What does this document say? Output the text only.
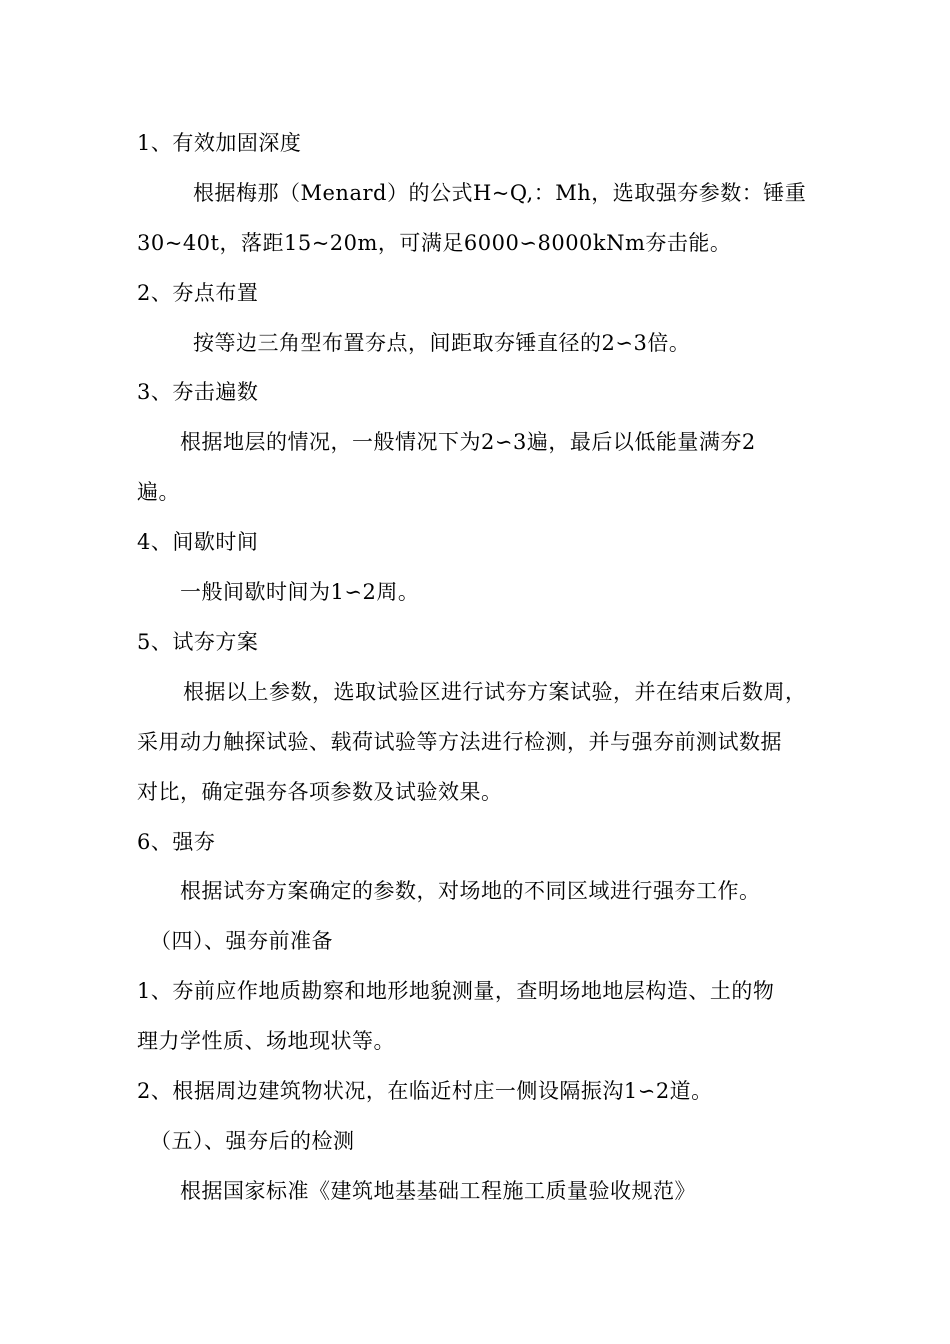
1、有效加固深度
根据梅那（Menard）的公式H~Q,：Mh，选取强夯参数：锤重
30~40t，落距15~20m，可满足6000∽8000kNm夯击能。
2、夯点布置
按等边三角型布置夯点，间距取夯锤直径的2∽3倍。
3、夯击遍数
根据地层的情况，一般情况下为2∽3遍，最后以低能量满夯2
遍。
4、间歇时间
一般间歇时间为1∽2周。
5、试夯方案
根据以上参数，选取试验区进行试夯方案试验，并在结束后数周，
采用动力触探试验、载荷试验等方法进行检测，并与强夯前测试数据
对比，确定强夯各项参数及试验效果。
6、强夯
根据试夯方案确定的参数，对场地的不同区域进行强夯工作。
（四）、强夯前准备
1、夯前应作地质勘察和地形地貌测量，查明场地地层构造、土的物
理力学性质、场地现状等。
2、根据周边建筑物状况，在临近村庄一侧设隔振沟1∽2道。
（五）、强夯后的检测
根据国家标准《建筑地基基础工程施工质量验收规范》
